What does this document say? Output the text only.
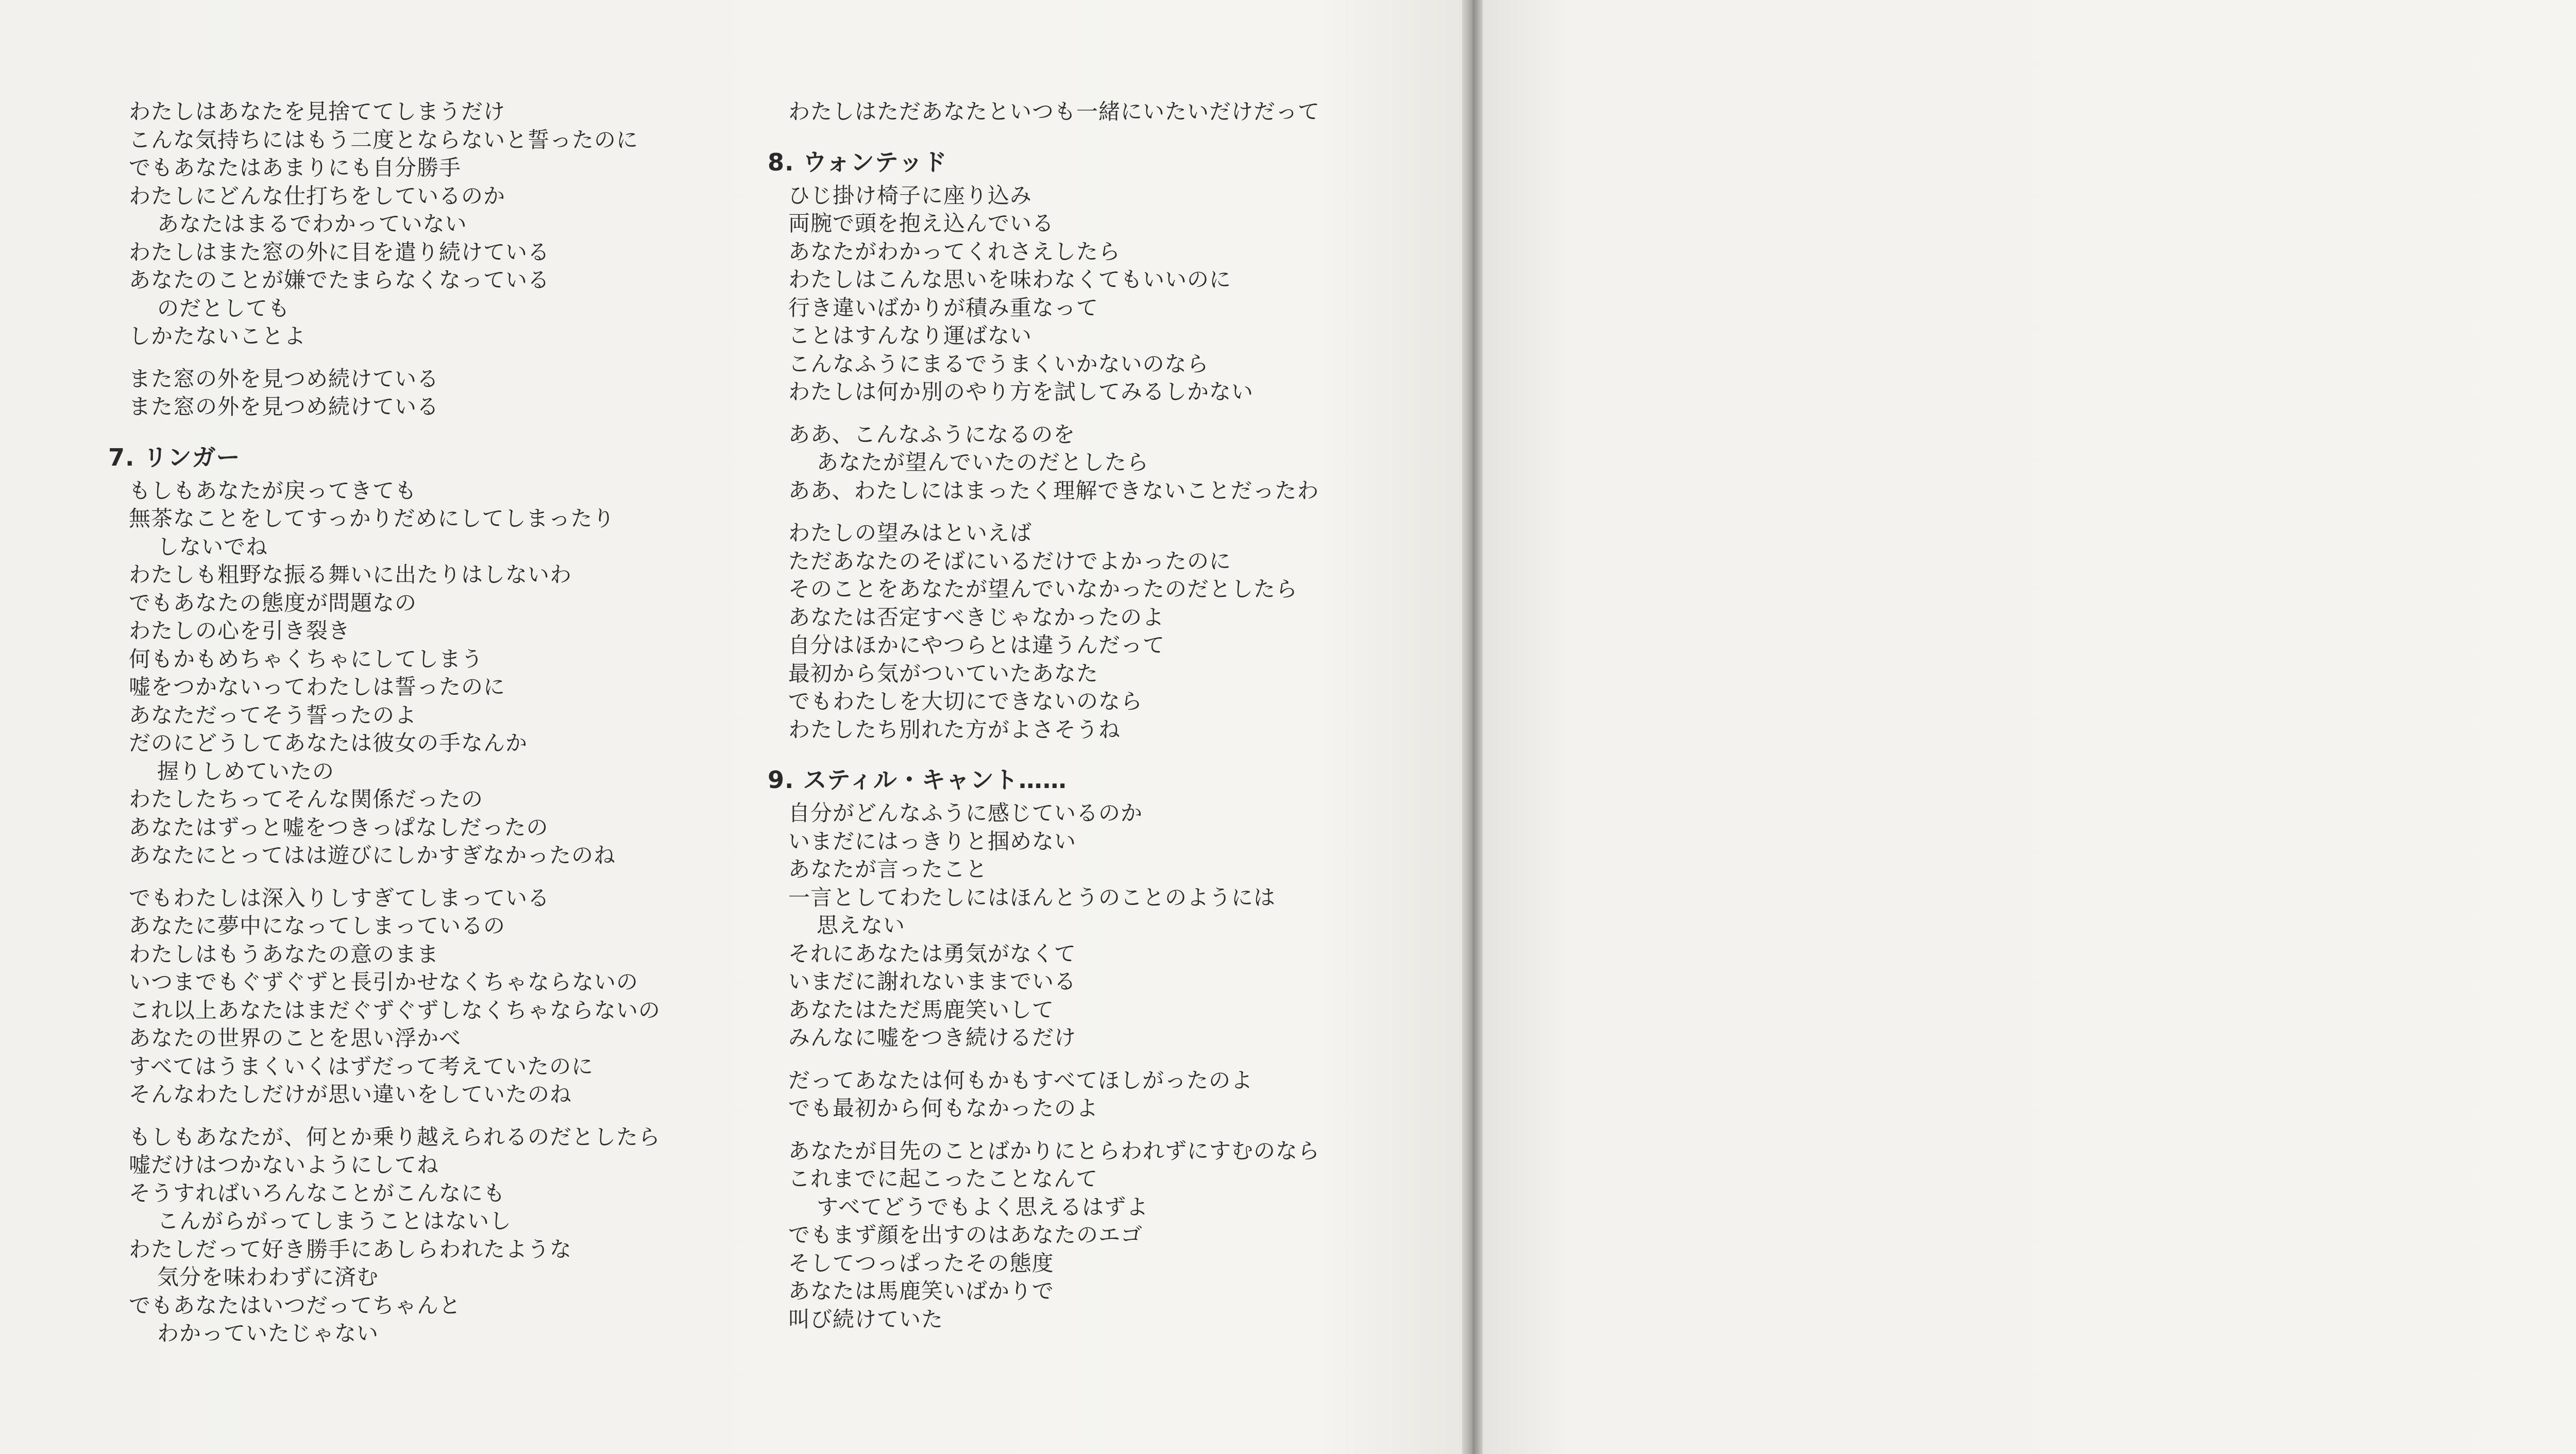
わたしはあなたを見捨ててしまうだけ
こんな気持ちにはもう二度とならないと誓ったのに
でもあなたはあまりにも自分勝手
わたしにどんな仕打ちをしているのか
あなたはまるでわかっていない
わたしはまた窓の外に目を遣り続けている
あなたのことが嫌でたまらなくなっている
のだとしても
しかたないことよ
また窓の外を見つめ続けている
また窓の外を見つめ続けている
7. リンガー
もしもあなたが戻ってきても
無茶なことをしてすっかりだめにしてしまったり
しないでね
わたしも粗野な振る舞いに出たりはしないわ
でもあなたの態度が問題なの
わたしの心を引き裂き
何もかもめちゃくちゃにしてしまう
嘘をつかないってわたしは誓ったのに
あなただってそう誓ったのよ
だのにどうしてあなたは彼女の手なんか
握りしめていたの
わたしたちってそんな関係だったの
あなたはずっと嘘をつきっぱなしだったの
あなたにとってはは遊びにしかすぎなかったのね
でもわたしは深入りしすぎてしまっている
あなたに夢中になってしまっているの
わたしはもうあなたの意のまま
いつまでもぐずぐずと長引かせなくちゃならないの
これ以上あなたはまだぐずぐずしなくちゃならないの
あなたの世界のことを思い浮かべ
すべてはうまくいくはずだって考えていたのに
そんなわたしだけが思い違いをしていたのね
もしもあなたが、何とか乗り越えられるのだとしたら
嘘だけはつかないようにしてね
そうすればいろんなことがこんなにも
こんがらがってしまうことはないし
わたしだって好き勝手にあしらわれたような
気分を味わわずに済む
でもあなたはいつだってちゃんと
わかっていたじゃない
わたしはただあなたといつも一緒にいたいだけだって
8. ウォンテッド
ひじ掛け椅子に座り込み
両腕で頭を抱え込んでいる
あなたがわかってくれさえしたら
わたしはこんな思いを味わなくてもいいのに
行き違いばかりが積み重なって
ことはすんなり運ばない
こんなふうにまるでうまくいかないのなら
わたしは何か別のやり方を試してみるしかない
ああ、こんなふうになるのを
あなたが望んでいたのだとしたら
ああ、わたしにはまったく理解できないことだったわ
わたしの望みはといえば
ただあなたのそばにいるだけでよかったのに
そのことをあなたが望んでいなかったのだとしたら
あなたは否定すべきじゃなかったのよ
自分はほかにやつらとは違うんだって
最初から気がついていたあなた
でもわたしを大切にできないのなら
わたしたち別れた方がよさそうね
9. スティル・キャント……
自分がどんなふうに感じているのか
いまだにはっきりと掴めない
あなたが言ったこと
一言としてわたしにはほんとうのことのようには
思えない
それにあなたは勇気がなくて
いまだに謝れないままでいる
あなたはただ馬鹿笑いして
みんなに嘘をつき続けるだけ
だってあなたは何もかもすべてほしがったのよ
でも最初から何もなかったのよ
あなたが目先のことばかりにとらわれずにすむのなら
これまでに起こったことなんて
すべてどうでもよく思えるはずよ
でもまず顔を出すのはあなたのエゴ
そしてつっぱったその態度
あなたは馬鹿笑いばかりで
叫び続けていた
